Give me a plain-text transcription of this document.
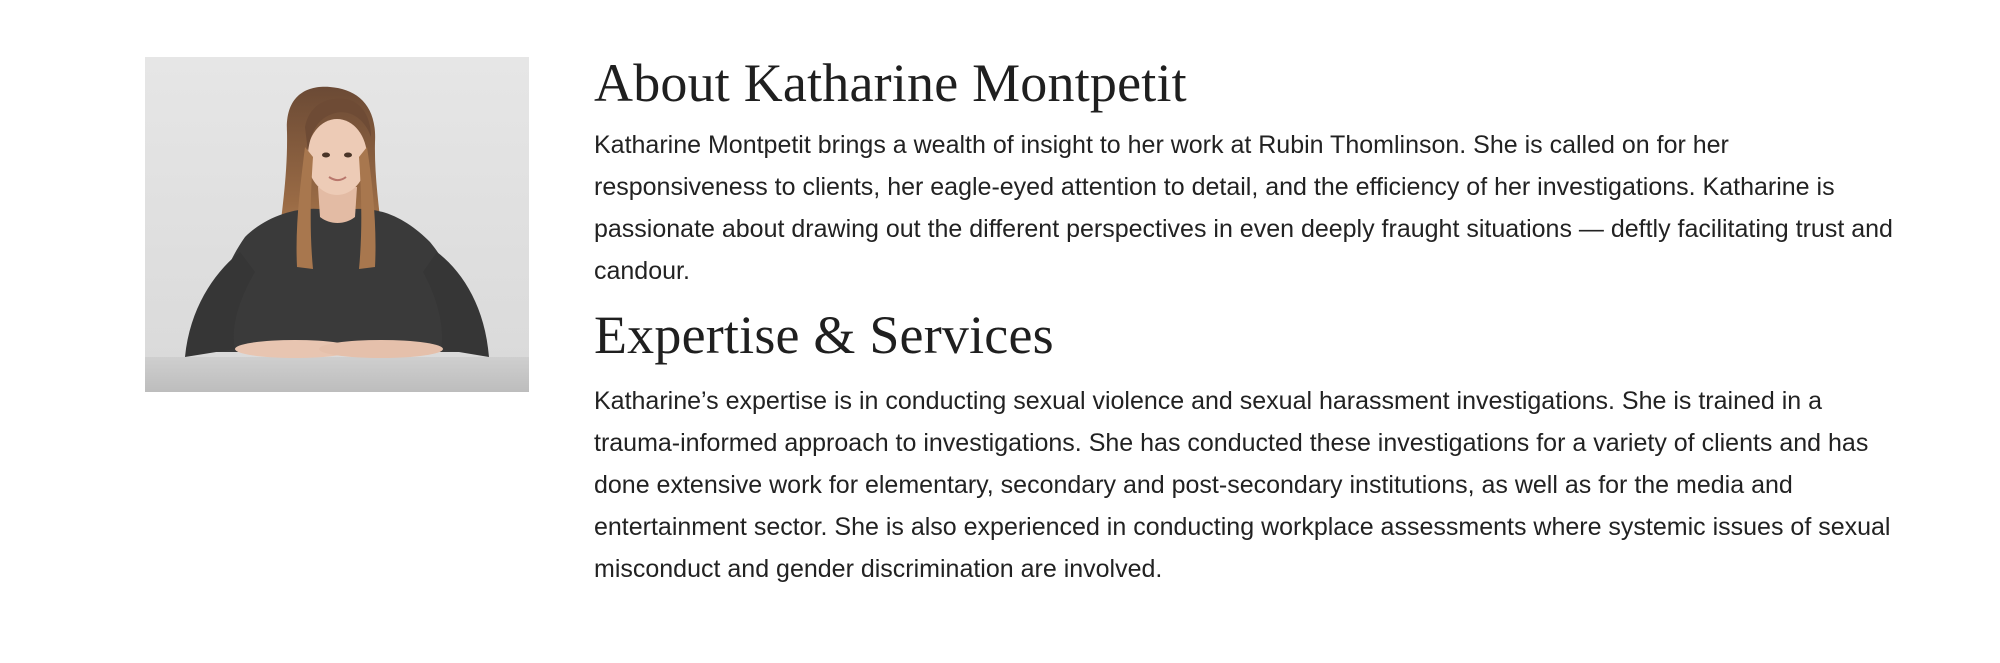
About Katharine Montpetit

Katharine Montpetit brings a wealth of insight to her work at Rubin Thomlinson. She is called on for her responsiveness to clients, her eagle-eyed attention to detail, and the efficiency of her investigations. Katharine is passionate about drawing out the different perspectives in even deeply fraught situations — deftly facilitating trust and candour.

Expertise & Services

Katharine’s expertise is in conducting sexual violence and sexual harassment investigations. She is trained in a trauma-informed approach to investigations. She has conducted these investigations for a variety of clients and has done extensive work for elementary, secondary and post-secondary institutions, as well as for the media and entertainment sector. She is also experienced in conducting workplace assessments where systemic issues of sexual misconduct and gender discrimination are involved.
